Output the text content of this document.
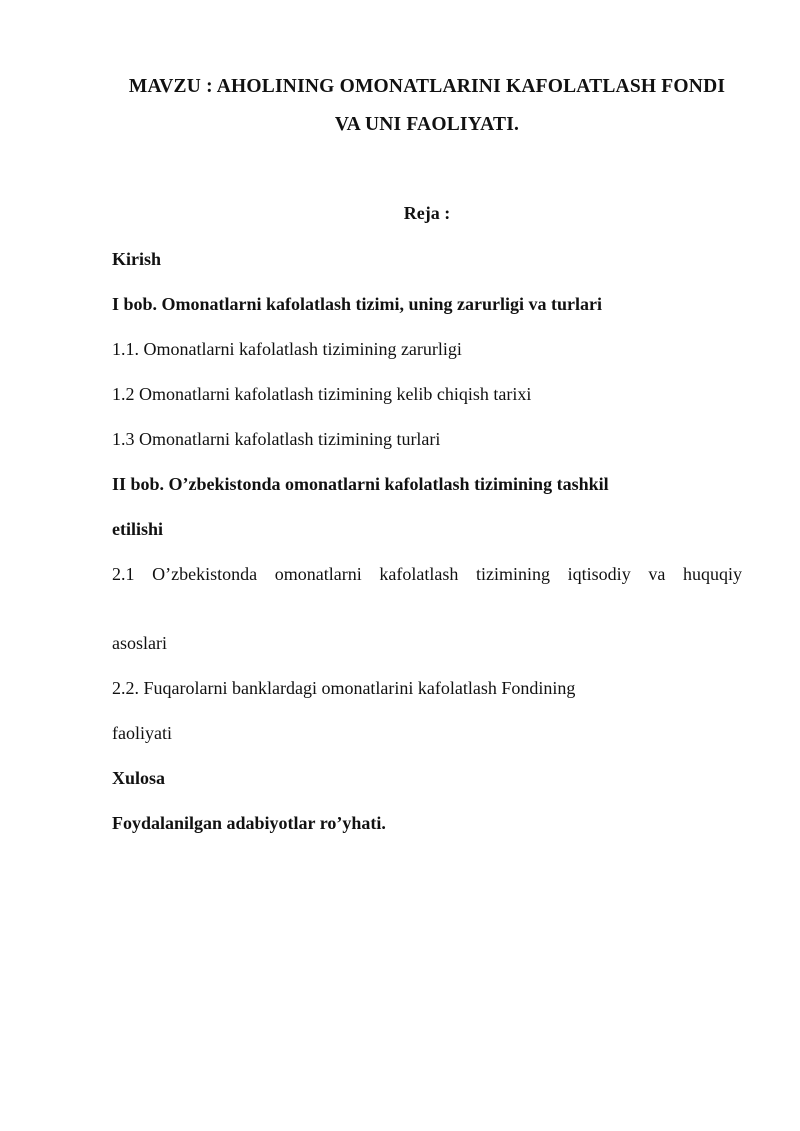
MAVZU : AHOLINING OMONATLARINI KAFOLATLASH FONDI
VA UNI FAOLIYATI.
Reja :
Kirish
I bob. Omonatlarni kafolatlash tizimi, uning zarurligi va turlari
1.1. Omonatlarni kafolatlash tizimining zarurligi
1.2 Omonatlarni kafolatlash tizimining kelib chiqish tarixi
1.3 Omonatlarni kafolatlash tizimining turlari
II bob. O’zbekistonda omonatlarni kafolatlash tizimining tashkil
etilishi
2.1 O’zbekistonda omonatlarni kafolatlash tizimining iqtisodiy va huquqiy
asoslari
2.2. Fuqarolarni banklardagi omonatlarini kafolatlash Fondining
faoliyati
Xulosa
Foydalanilgan adabiyotlar ro’yhati.
